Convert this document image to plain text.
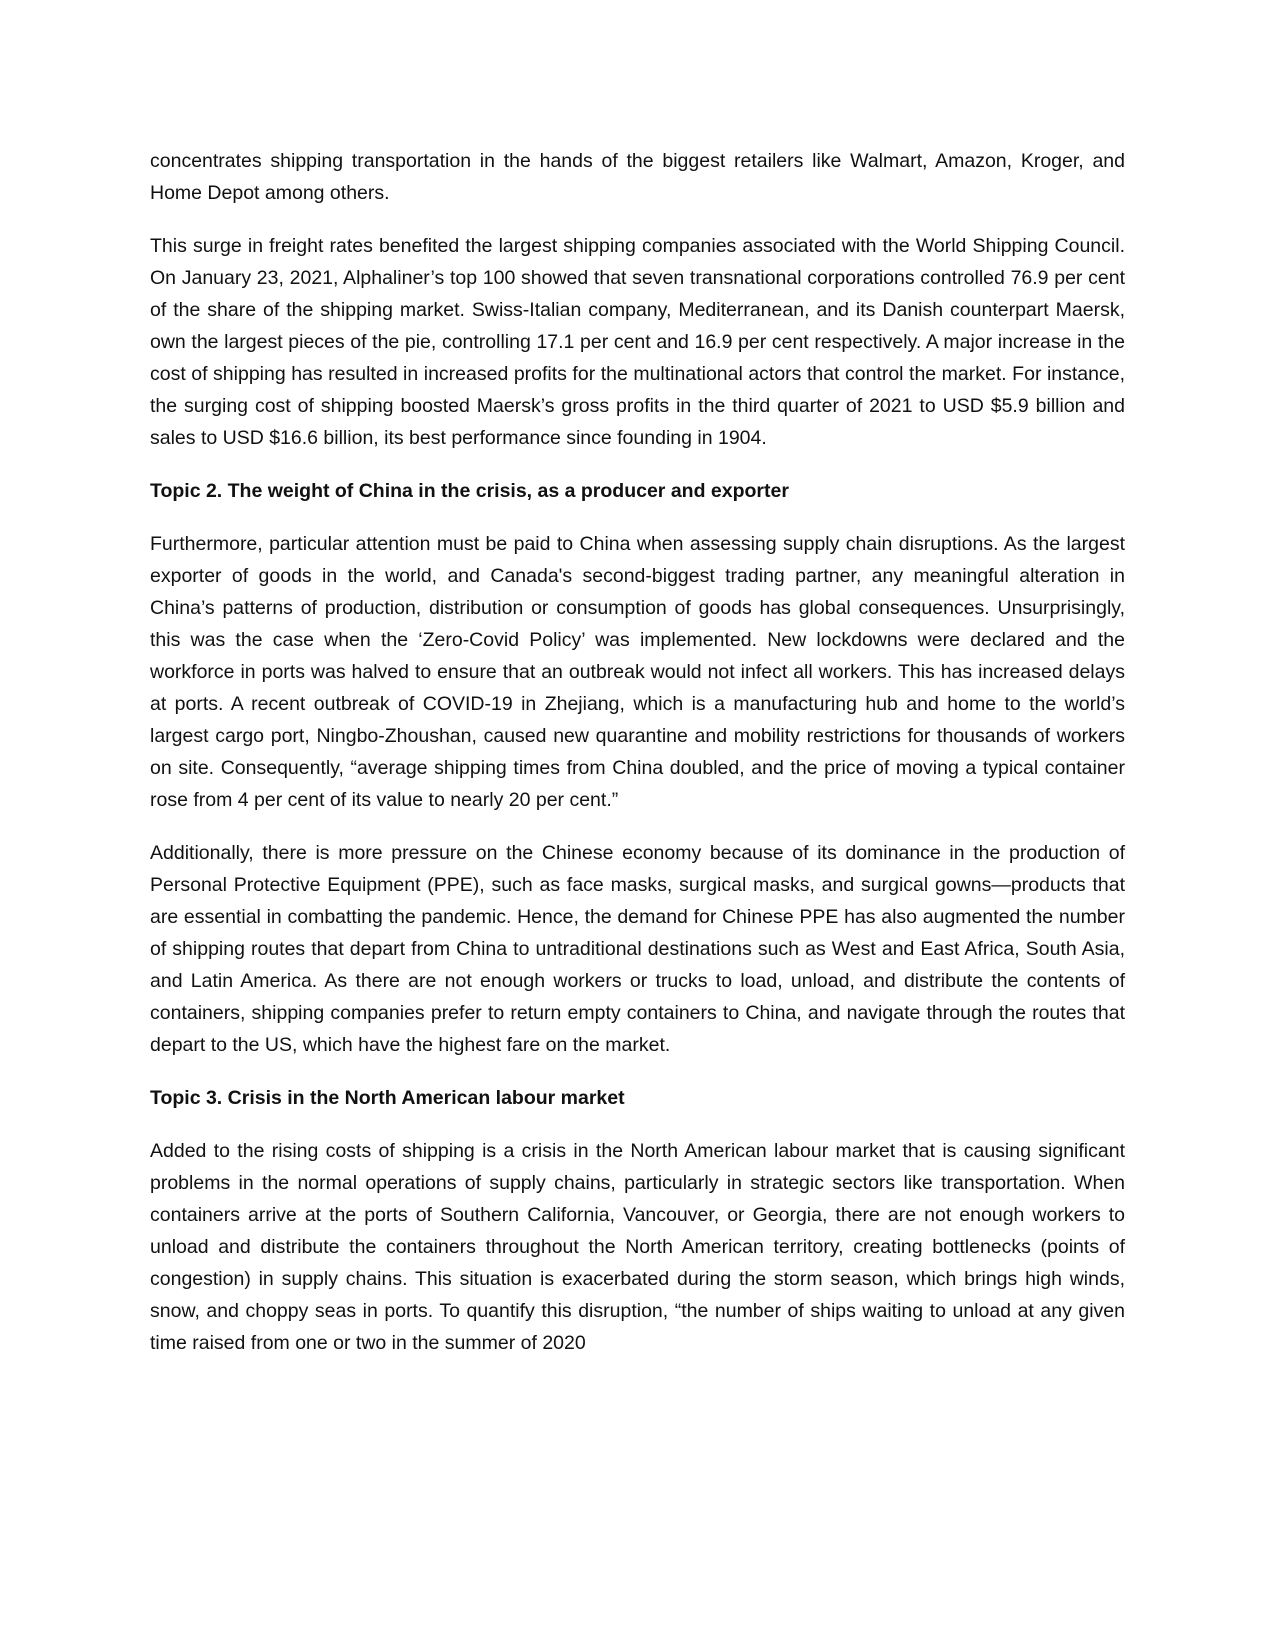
concentrates shipping transportation in the hands of the biggest retailers like Walmart, Amazon, Kroger, and Home Depot among others.

This surge in freight rates benefited the largest shipping companies associated with the World Shipping Council. On January 23, 2021, Alphaliner’s top 100 showed that seven transnational corporations controlled 76.9 per cent of the share of the shipping market. Swiss-Italian company, Mediterranean, and its Danish counterpart Maersk, own the largest pieces of the pie, controlling 17.1 per cent and 16.9 per cent respectively. A major increase in the cost of shipping has resulted in increased profits for the multinational actors that control the market. For instance, the surging cost of shipping boosted Maersk’s gross profits in the third quarter of 2021 to USD $5.9 billion and sales to USD $16.6 billion, its best performance since founding in 1904.

Topic 2. The weight of China in the crisis, as a producer and exporter

Furthermore, particular attention must be paid to China when assessing supply chain disruptions. As the largest exporter of goods in the world, and Canada's second-biggest trading partner, any meaningful alteration in China’s patterns of production, distribution or consumption of goods has global consequences. Unsurprisingly, this was the case when the ‘Zero-Covid Policy’ was implemented. New lockdowns were declared and the workforce in ports was halved to ensure that an outbreak would not infect all workers. This has increased delays at ports. A recent outbreak of COVID-19 in Zhejiang, which is a manufacturing hub and home to the world’s largest cargo port, Ningbo-Zhoushan, caused new quarantine and mobility restrictions for thousands of workers on site. Consequently, “average shipping times from China doubled, and the price of moving a typical container rose from 4 per cent of its value to nearly 20 per cent.”

Additionally, there is more pressure on the Chinese economy because of its dominance in the production of Personal Protective Equipment (PPE), such as face masks, surgical masks, and surgical gowns—products that are essential in combatting the pandemic. Hence, the demand for Chinese PPE has also augmented the number of shipping routes that depart from China to untraditional destinations such as West and East Africa, South Asia, and Latin America. As there are not enough workers or trucks to load, unload, and distribute the contents of containers, shipping companies prefer to return empty containers to China, and navigate through the routes that depart to the US, which have the highest fare on the market.

Topic 3. Crisis in the North American labour market

Added to the rising costs of shipping is a crisis in the North American labour market that is causing significant problems in the normal operations of supply chains, particularly in strategic sectors like transportation. When containers arrive at the ports of Southern California, Vancouver, or Georgia, there are not enough workers to unload and distribute the containers throughout the North American territory, creating bottlenecks (points of congestion) in supply chains. This situation is exacerbated during the storm season, which brings high winds, snow, and choppy seas in ports. To quantify this disruption, “the number of ships waiting to unload at any given time raised from one or two in the summer of 2020
